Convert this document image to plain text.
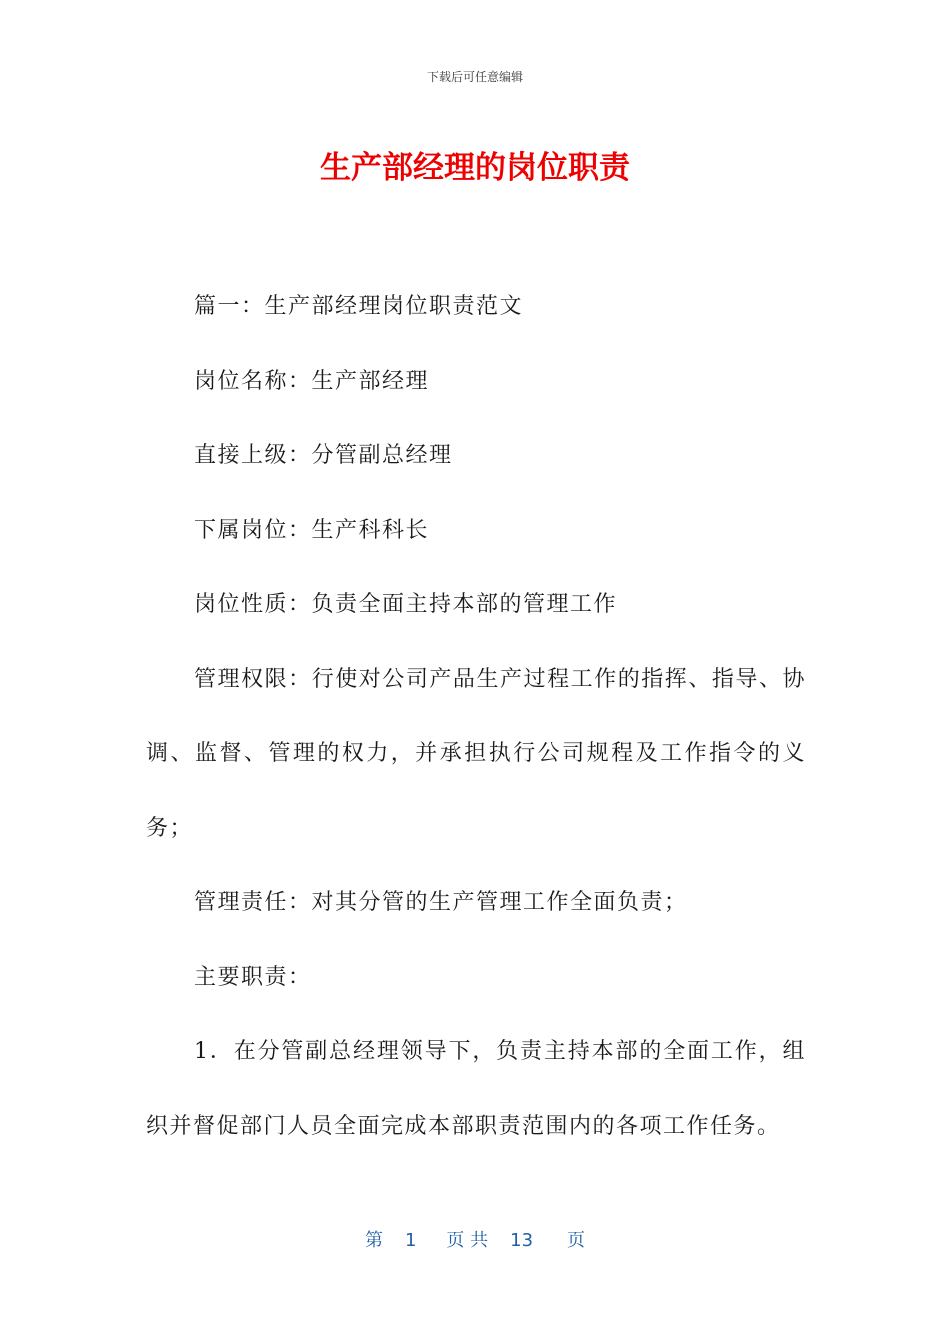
下载后可任意编辑
生产部经理的岗位职责

篇一：生产部经理岗位职责范文

岗位名称：生产部经理

直接上级：分管副总经理

下属岗位：生产科科长

岗位性质：负责全面主持本部的管理工作

管理权限：行使对公司产品生产过程工作的指挥、指导、协调、监督、管理的权力，并承担执行公司规程及工作指令的义务；

管理责任：对其分管的生产管理工作全面负责；

主要职责：

1．在分管副总经理领导下，负责主持本部的全面工作，组织并督促部门人员全面完成本部职责范围内的各项工作任务。

第 1 页 共 13 页
